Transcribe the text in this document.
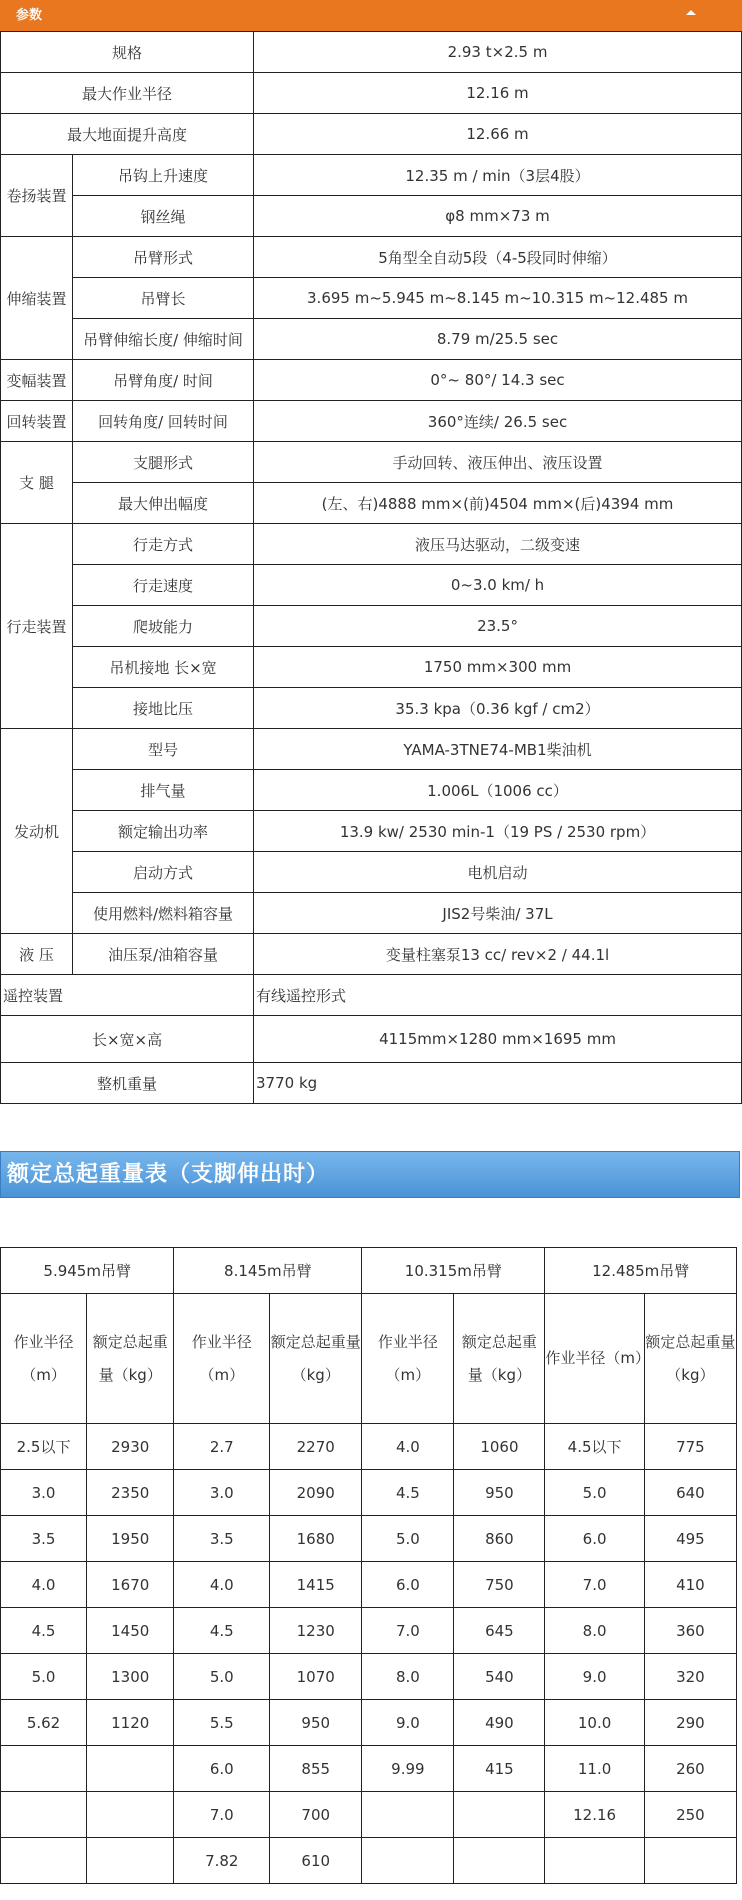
参数
规格		2.93 t×2.5 m
最大作业半径		12.16 m
最大地面提升高度		12.66 m
卷扬装置	吊钩上升速度	12.35 m / min（3层4股）
	钢丝绳	φ8 mm×73 m
伸缩装置	吊臂形式	5角型全自动5段（4-5段同时伸缩）
	吊臂长	3.695 m~5.945 m~8.145 m~10.315 m~12.485 m
	吊臂伸缩长度/ 伸缩时间	8.79 m/25.5 sec
变幅装置	吊臂角度/ 时间	0°~ 80°/ 14.3 sec
回转装置	回转角度/ 回转时间	360°连续/ 26.5 sec
支 腿	支腿形式	手动回转、液压伸出、液压设置
	最大伸出幅度	(左、右)4888 mm×(前)4504 mm×(后)4394 mm
行走装置	行走方式	液压马达驱动，二级变速
	行走速度	0~3.0 km/ h
	爬坡能力	23.5°
	吊机接地 长×宽	1750 mm×300 mm
	接地比压	35.3 kpa（0.36 kgf / cm2）
发动机	型号	YAMA-3TNE74-MB1柴油机
	排气量	1.006L（1006 cc）
	额定输出功率	13.9 kw/ 2530 min-1（19 PS / 2530 rpm）
	启动方式	电机启动
	使用燃料/燃料箱容量	JIS2号柴油/ 37L
液 压	油压泵/油箱容量	变量柱塞泵13 cc/ rev×2 / 44.1l
遥控装置		有线遥控形式
长×宽×高		4115mm×1280 mm×1695 mm
整机重量		3770 kg
额定总起重量表（支脚伸出时）
5.945m吊臂		8.145m吊臂		10.315m吊臂		12.485m吊臂	
作业半径（m）	额定总起重量（kg）	作业半径（m）	额定总起重量（kg）	作业半径（m）	额定总起重量（kg）	作业半径（m）	额定总起重量（kg）
2.5以下	2930	2.7	2270	4.0	1060	4.5以下	775
3.0	2350	3.0	2090	4.5	950	5.0	640
3.5	1950	3.5	1680	5.0	860	6.0	495
4.0	1670	4.0	1415	6.0	750	7.0	410
4.5	1450	4.5	1230	7.0	645	8.0	360
5.0	1300	5.0	1070	8.0	540	9.0	320
5.62	1120	5.5	950	9.0	490	10.0	290
		6.0	855	9.99	415	11.0	260
		7.0	700			12.16	250
		7.82	610				
